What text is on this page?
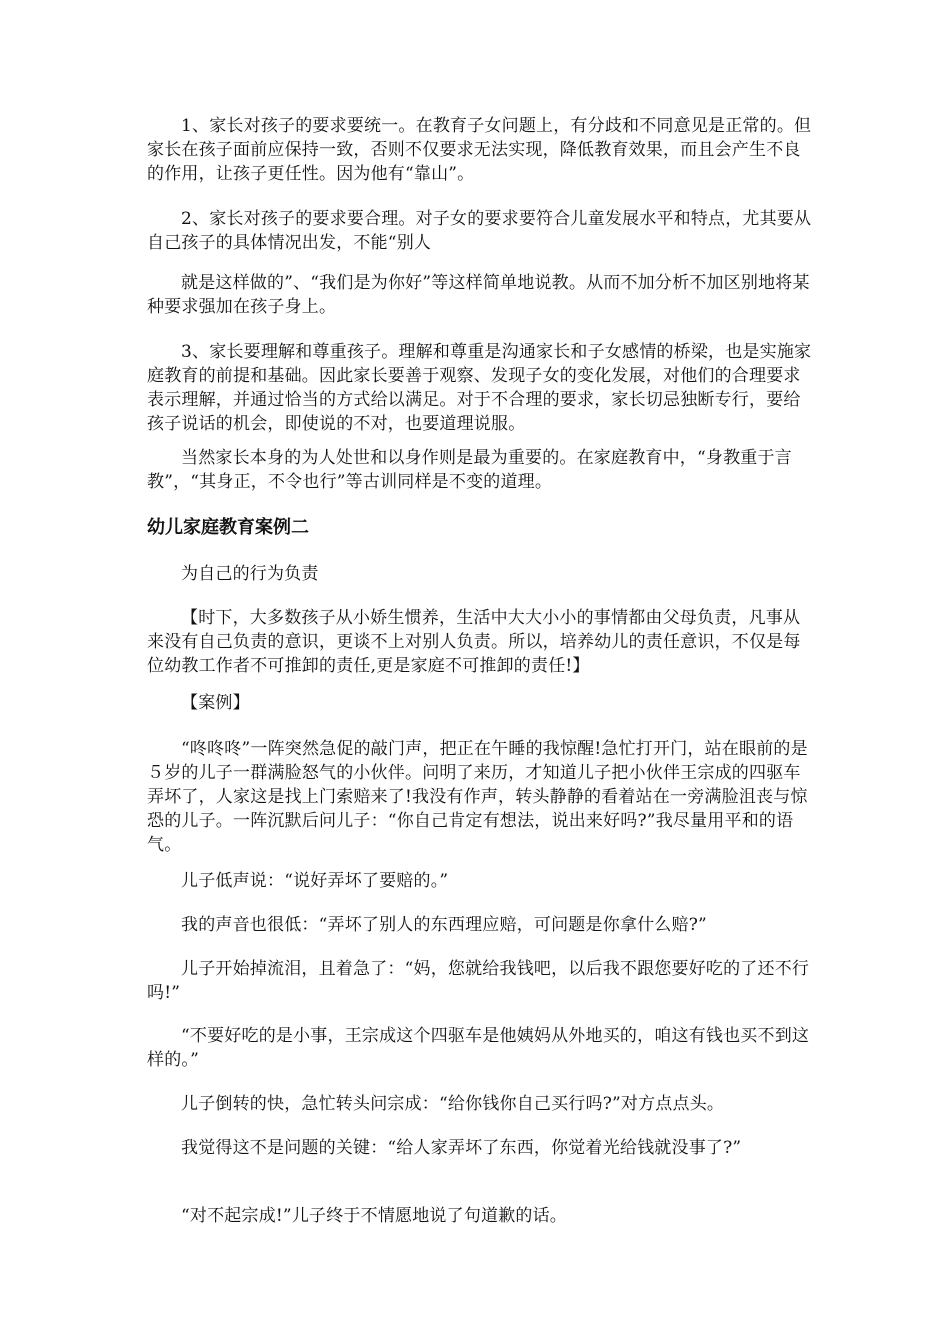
1、家长对孩子的要求要统一。在教育子女问题上，有分歧和不同意见是正常的。但家长在孩子面前应保持一致，否则不仅要求无法实现，降低教育效果，而且会产生不良的作用，让孩子更任性。因为他有“靠山”。

2、家长对孩子的要求要合理。对子女的要求要符合儿童发展水平和特点，尤其要从自己孩子的具体情况出发，不能“别人

就是这样做的”、“我们是为你好”等这样简单地说教。从而不加分析不加区别地将某种要求强加在孩子身上。

3、家长要理解和尊重孩子。理解和尊重是沟通家长和子女感情的桥梁，也是实施家庭教育的前提和基础。因此家长要善于观察、发现子女的变化发展，对他们的合理要求表示理解，并通过恰当的方式给以满足。对于不合理的要求，家长切忌独断专行，要给孩子说话的机会，即使说的不对，也要道理说服。

当然家长本身的为人处世和以身作则是最为重要的。在家庭教育中，“身教重于言教”，“其身正，不令也行”等古训同样是不变的道理。

幼儿家庭教育案例二

为自己的行为负责

【时下，大多数孩子从小娇生惯养，生活中大大小小的事情都由父母负责，凡事从来没有自己负责的意识，更谈不上对别人负责。所以，培养幼儿的责任意识，不仅是每位幼教工作者不可推卸的责任,更是家庭不可推卸的责任!】

【案例】

“咚咚咚”一阵突然急促的敲门声，把正在午睡的我惊醒!急忙打开门，站在眼前的是５岁的儿子一群满脸怒气的小伙伴。问明了来历，才知道儿子把小伙伴王宗成的四驱车弄坏了，人家这是找上门索赔来了!我没有作声，转头静静的看着站在一旁满脸沮丧与惊恐的儿子。一阵沉默后问儿子：“你自己肯定有想法，说出来好吗?”我尽量用平和的语气。

儿子低声说：“说好弄坏了要赔的。”

我的声音也很低：“弄坏了别人的东西理应赔，可问题是你拿什么赔?”

儿子开始掉流泪，且着急了：“妈，您就给我钱吧，以后我不跟您要好吃的了还不行吗!”

“不要好吃的是小事，王宗成这个四驱车是他姨妈从外地买的，咱这有钱也买不到这样的。”

儿子倒转的快，急忙转头问宗成：“给你钱你自己买行吗?”对方点点头。

我觉得这不是问题的关键：“给人家弄坏了东西，你觉着光给钱就没事了?”

“对不起宗成!”儿子终于不情愿地说了句道歉的话。
